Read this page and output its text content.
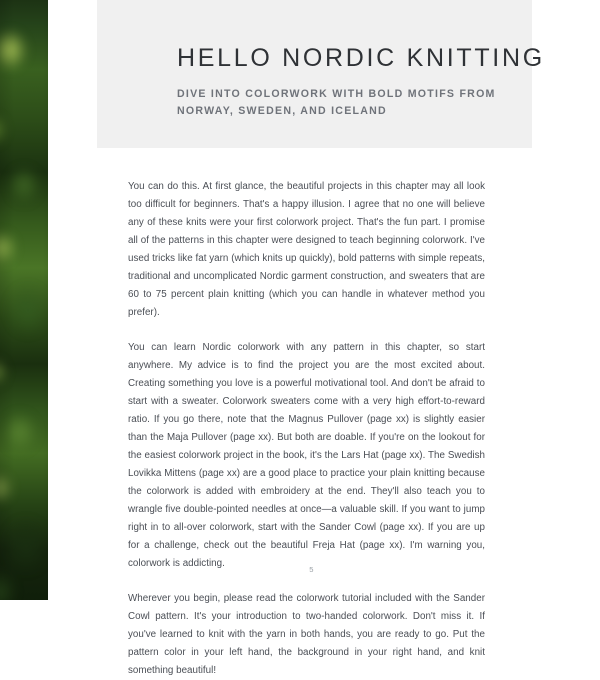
HELLO NORDIC KNITTING
DIVE INTO COLORWORK WITH BOLD MOTIFS FROM
NORWAY, SWEDEN, AND ICELAND

You can do this. At first glance, the beautiful projects in this chapter may all look too difficult for beginners. That's a happy illusion. I agree that no one will believe any of these knits were your first colorwork project. That's the fun part. I promise all of the patterns in this chapter were designed to teach beginning colorwork. I've used tricks like fat yarn (which knits up quickly), bold patterns with simple repeats, traditional and uncomplicated Nordic garment construction, and sweaters that are 60 to 75 percent plain knitting (which you can handle in whatever method you prefer).

You can learn Nordic colorwork with any pattern in this chapter, so start anywhere. My advice is to find the project you are the most excited about. Creating something you love is a powerful motivational tool. And don't be afraid to start with a sweater. Colorwork sweaters come with a very high effort-to-reward ratio. If you go there, note that the Magnus Pullover (page xx) is slightly easier than the Maja Pullover (page xx). But both are doable. If you're on the lookout for the easiest colorwork project in the book, it's the Lars Hat (page xx). The Swedish Lovikka Mittens (page xx) are a good place to practice your plain knitting because the colorwork is added with embroidery at the end. They'll also teach you to wrangle five double-pointed needles at once—a valuable skill. If you want to jump right in to all-over colorwork, start with the Sander Cowl (page xx). If you are up for a challenge, check out the beautiful Freja Hat (page xx). I'm warning you, colorwork is addicting.

Wherever you begin, please read the colorwork tutorial included with the Sander Cowl pattern. It's your introduction to two-handed colorwork. Don't miss it. If you've learned to knit with the yarn in both hands, you are ready to go. Put the pattern color in your left hand, the background in your right hand, and knit something beautiful!

5
